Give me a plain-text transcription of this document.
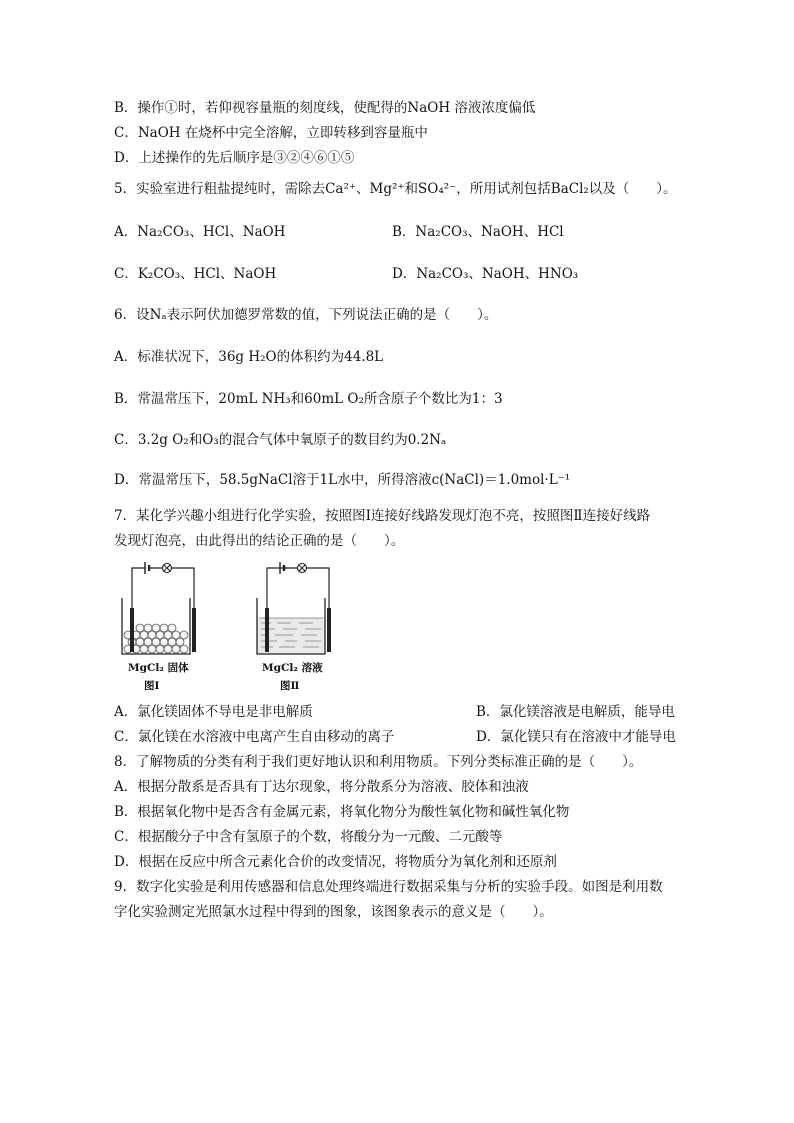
B．操作①时，若仰视容量瓶的刻度线，使配得的NaOH 溶液浓度偏低
C．NaOH 在烧杯中完全溶解，立即转移到容量瓶中
D．上述操作的先后顺序是③②④⑥①⑤
5．实验室进行粗盐提纯时，需除去Ca²⁺、Mg²⁺和SO₄²⁻，所用试剂包括BaCl₂以及（　　）。
A．Na₂CO₃、HCl、NaOH	B．Na₂CO₃、NaOH、HCl
C．K₂CO₃、HCl、NaOH	D．Na₂CO₃、NaOH、HNO₃
6．设Nₐ表示阿伏加德罗常数的值，下列说法正确的是（　　）。
A．标准状况下，36g H₂O的体积约为44.8L
B．常温常压下，20mL NH₃和60mL O₂所含原子个数比为1：3
C．3.2g O₂和O₃的混合气体中氧原子的数目约为0.2Nₐ
D．常温常压下，58.5gNaCl溶于1L水中，所得溶液c(NaCl)＝1.0mol·L⁻¹
7．某化学兴趣小组进行化学实验，按照图Ⅰ连接好线路发现灯泡不亮，按照图Ⅱ连接好线路
发现灯泡亮，由此得出的结论正确的是（　　）。
MgCl₂ 固体
图Ⅰ
MgCl₂ 溶液
图Ⅱ
A．氯化镁固体不导电是非电解质	B．氯化镁溶液是电解质，能导电
C．氯化镁在水溶液中电离产生自由移动的离子	D．氯化镁只有在溶液中才能导电
8．了解物质的分类有利于我们更好地认识和利用物质。下列分类标准正确的是（　　）。
A．根据分散系是否具有丁达尔现象，将分散系分为溶液、胶体和浊液
B．根据氧化物中是否含有金属元素，将氧化物分为酸性氧化物和碱性氧化物
C．根据酸分子中含有氢原子的个数，将酸分为一元酸、二元酸等
D．根据在反应中所含元素化合价的改变情况，将物质分为氧化剂和还原剂
9．数字化实验是利用传感器和信息处理终端进行数据采集与分析的实验手段。如图是利用数
字化实验测定光照氯水过程中得到的图象，该图象表示的意义是（　　）。
